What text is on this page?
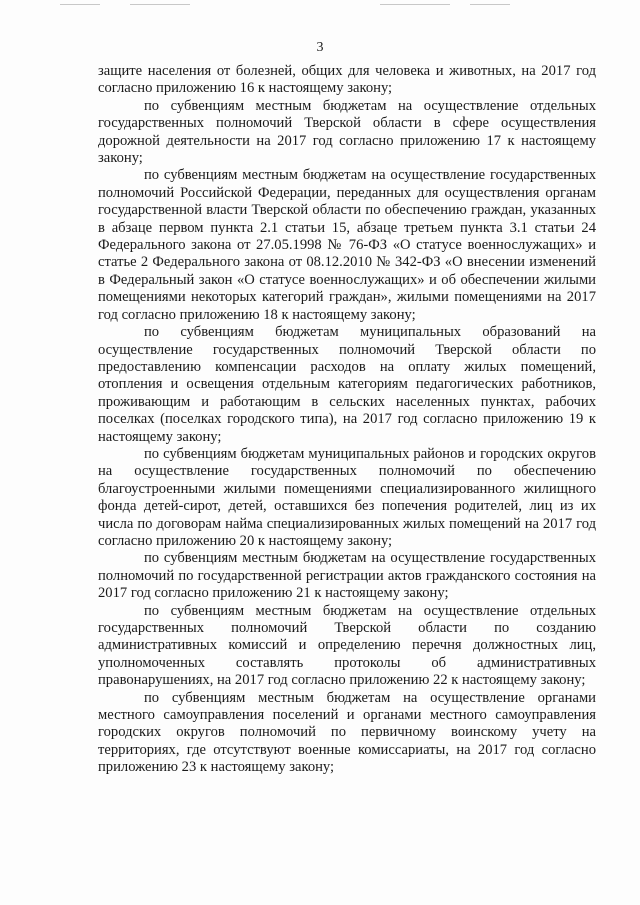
3

защите населения от болезней, общих для человека и животных, на 2017 год согласно приложению 16 к настоящему закону;

по субвенциям местным бюджетам на осуществление отдельных государственных полномочий Тверской области в сфере осуществления дорожной деятельности на 2017 год согласно приложению 17 к настоящему закону;

по субвенциям местным бюджетам на осуществление государственных полномочий Российской Федерации, переданных для осуществления органам государственной власти Тверской области по обеспечению граждан, указанных в абзаце первом пункта 2.1 статьи 15, абзаце третьем пункта 3.1 статьи 24 Федерального закона от 27.05.1998 № 76-ФЗ «О статусе военнослужащих» и статье 2 Федерального закона от 08.12.2010 № 342-ФЗ «О внесении изменений в Федеральный закон «О статусе военнослужащих» и об обеспечении жилыми помещениями некоторых категорий граждан», жилыми помещениями на 2017 год согласно приложению 18 к настоящему закону;

по субвенциям бюджетам муниципальных образований на осуществление государственных полномочий Тверской области по предоставлению компенсации расходов на оплату жилых помещений, отопления и освещения отдельным категориям педагогических работников, проживающим и работающим в сельских населенных пунктах, рабочих поселках (поселках городского типа), на 2017 год согласно приложению 19 к настоящему закону;

по субвенциям бюджетам муниципальных районов и городских округов на осуществление государственных полномочий по обеспечению благоустроенными жилыми помещениями специализированного жилищного фонда детей-сирот, детей, оставшихся без попечения родителей, лиц из их числа по договорам найма специализированных жилых помещений на 2017 год согласно приложению 20 к настоящему закону;

по субвенциям местным бюджетам на осуществление государственных полномочий по государственной регистрации актов гражданского состояния на 2017 год согласно приложению 21 к настоящему закону;

по субвенциям местным бюджетам на осуществление отдельных государственных полномочий Тверской области по созданию административных комиссий и определению перечня должностных лиц, уполномоченных составлять протоколы об административных правонарушениях, на 2017 год согласно приложению 22 к настоящему закону;

по субвенциям местным бюджетам на осуществление органами местного самоуправления поселений и органами местного самоуправления городских округов полномочий по первичному воинскому учету на территориях, где отсутствуют военные комиссариаты, на 2017 год согласно приложению 23 к настоящему закону;
